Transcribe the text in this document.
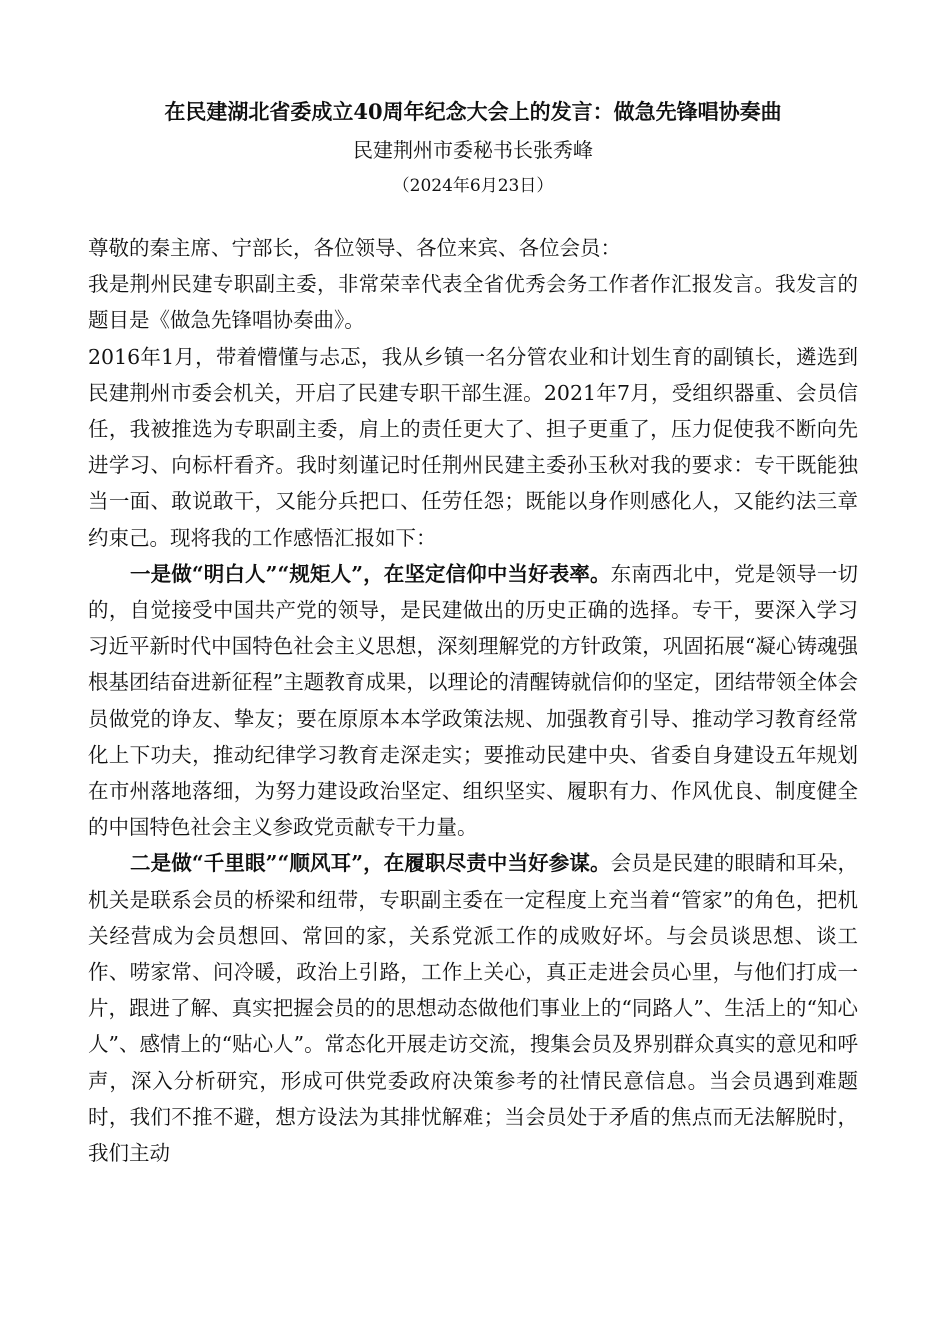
在民建湖北省委成立40周年纪念大会上的发言：做急先锋唱协奏曲

民建荆州市委秘书长张秀峰

（2024年6月23日）

尊敬的秦主席、宁部长，各位领导、各位来宾、各位会员：

我是荆州民建专职副主委，非常荣幸代表全省优秀会务工作者作汇报发言。我发言的题目是《做急先锋唱协奏曲》。

2016年1月，带着懵懂与忐忑，我从乡镇一名分管农业和计划生育的副镇长，遴选到民建荆州市委会机关，开启了民建专职干部生涯。2021年7月，受组织器重、会员信任，我被推选为专职副主委，肩上的责任更大了、担子更重了，压力促使我不断向先进学习、向标杆看齐。我时刻谨记时任荆州民建主委孙玉秋对我的要求：专干既能独当一面、敢说敢干，又能分兵把口、任劳任怨；既能以身作则感化人，又能约法三章约束己。现将我的工作感悟汇报如下：

一是做“明白人”“规矩人”，在坚定信仰中当好表率。东南西北中，党是领导一切的，自觉接受中国共产党的领导，是民建做出的历史正确的选择。专干，要深入学习习近平新时代中国特色社会主义思想，深刻理解党的方针政策，巩固拓展“凝心铸魂强根基团结奋进新征程”主题教育成果，以理论的清醒铸就信仰的坚定，团结带领全体会员做党的诤友、挚友；要在原原本本学政策法规、加强教育引导、推动学习教育经常化上下功夫，推动纪律学习教育走深走实；要推动民建中央、省委自身建设五年规划在市州落地落细，为努力建设政治坚定、组织坚实、履职有力、作风优良、制度健全的中国特色社会主义参政党贡献专干力量。

二是做“千里眼”“顺风耳”，在履职尽责中当好参谋。会员是民建的眼睛和耳朵，机关是联系会员的桥梁和纽带，专职副主委在一定程度上充当着“管家”的角色，把机关经营成为会员想回、常回的家，关系党派工作的成败好坏。与会员谈思想、谈工作、唠家常、问冷暖，政治上引路，工作上关心，真正走进会员心里，与他们打成一片，跟进了解、真实把握会员的的思想动态做他们事业上的“同路人”、生活上的“知心人”、感情上的“贴心人”。常态化开展走访交流，搜集会员及界别群众真实的意见和呼声，深入分析研究，形成可供党委政府决策参考的社情民意信息。当会员遇到难题时，我们不推不避，想方设法为其排忧解难；当会员处于矛盾的焦点而无法解脱时，我们主动
